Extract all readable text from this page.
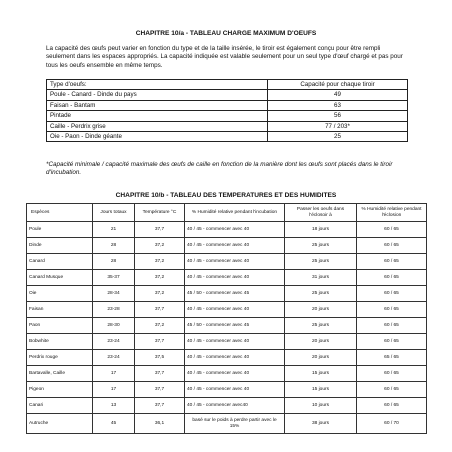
CHAPITRE 10/a - TABLEAU CHARGE MAXIMUM D'OEUFS

La capacité des œufs peut varier en fonction du type et de la taille insérée, le tiroir est également conçu pour être rempli seulement dans les espaces appropriés. La capacité indiquée est valable seulement pour un seul type d'œuf chargé et pas pour tous les oeufs ensemble en même temps.

Type d'oeufs:	Capacité pour chaque tiroir
Poule - Canard - Dinde du pays	49
Faisan - Bantam	63
Pintade	56
Caille - Perdrix grise	77 / 203*
Oie - Paon - Dinde géante	25

*Capacité minimale / capacité maximale des œufs de caille en fonction de la manière dont les œufs sont placés dans le tiroir d'incubation.

CHAPITRE 10/b - TABLEAU DES TEMPERATURES ET DES HUMIDITES
Espèces	Jours totaux	Température °C	% Humidité relative pendant l'incubation	Passer les oeufs dans l'éclosoir à	% Humidité relative pendant l'éclosion
Poule	21	37,7	40 / 45 - commencer avec 40	18 jours	60 / 65
Dinde	28	37,2	40 / 45 - commencer avec 40	25 jours	60 / 65
Canard	28	37,2	40 / 45 - commencer avec 40	25 jours	60 / 65
Canard Musque	35-37	37,2	40 / 45 - commencer avec 40	31 jours	60 / 65
Oie	28-34	37,2	45 / 50 - commencer avec 45	25 jours	60 / 65
Faisan	23-28	37,7	40 / 45 - commencer avec 40	20 jours	60 / 65
Paon	28-30	37,2	45 / 50 - commencer avec 45	25 jours	60 / 65
Bobwhite	23-24	37,7	40 / 45 - commencer avec 40	20 jours	60 / 65
Perdrix rouge	23-24	37,5	40 / 45 - commencer avec 40	20 jours	65 / 65
Bartavalle, Caille	17	37,7	40 / 45 - commencer avec 40	15 jours	60 / 65
Pigeon	17	37,7	40 / 45 - commencer avec 40	15 jours	60 / 65
Canari	13	37,7	40 / 45 - commencer avec40	10 jours	60 / 65
Autruche	45	36,1	basé sur le poids à perdre partir avec le 15%	38 jours	60 / 70
